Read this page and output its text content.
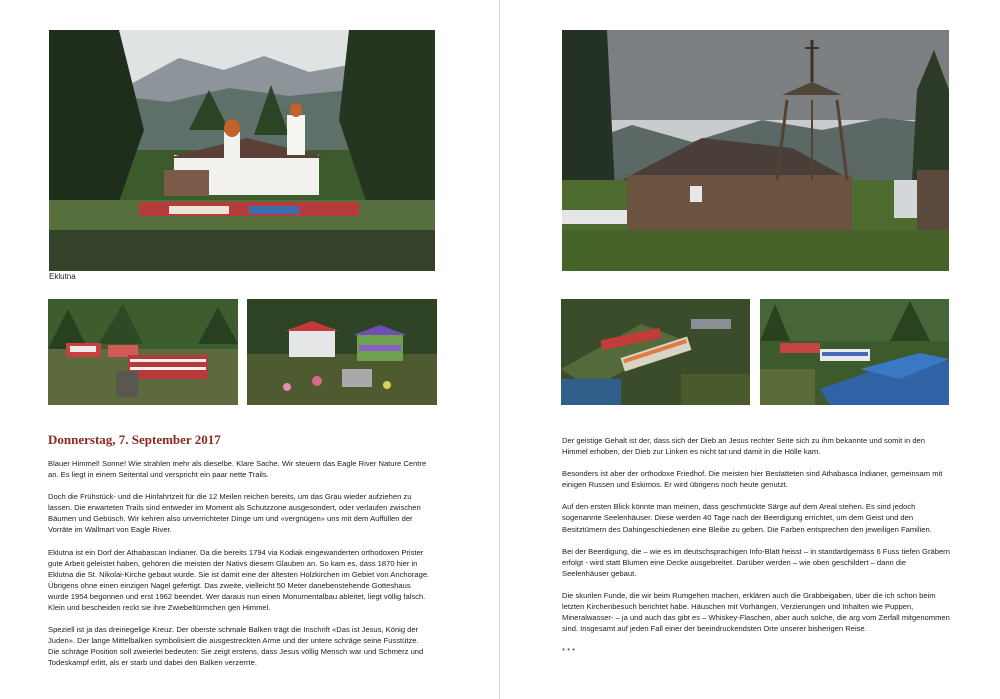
Eklutna
Donnerstag, 7. September 2017

Blauer Himmel! Sonne! Wie strahlen mehr als dieselbe. Klare Sache. Wir steuern das Eagle River Nature Centre an. Es liegt in einem Seitental und verspricht ein paar nette Trails.

Doch die Frühstück- und die Hinfahrtzeit für die 12 Meilen reichen bereits, um das Grau wieder aufziehen zu lassen. Die erwarteten Trails sind entweder im Moment als Schutzzone ausgesondert, oder verlaufen zwischen Bäumen und Gebüsch. Wir kehren also unverrichteter Dinge um und «vergnügen» uns mit dem Auffüllen der Vorräte im Wallmart von Eagle River.

Eklutna ist ein Dorf der Athabascan Indianer. Da die bereits 1794 via Kodiak eingewanderten orthodoxen Prister gute Arbeit geleistet haben, gehören die meisten der Nativs diesem Glauben an. So kam es, dass 1870 hier in Eklutna die St. Nikolai-Kirche gebaut wurde. Sie ist damit eine der ältesten Holzkirchen im Gebiet von Anchorage. Übrigens ohne einen einzigen Nagel gefertigt. Das zweite, vielleicht 50 Meter danebenstehende Gotteshaus wurde 1954 begonnen und erst 1962 beendet. Wer daraus nun einen Monumentalbau ableitet, liegt völlig falsch. Klein und bescheiden reckt sie ihre Zwiebeltürmchen gen Himmel.

Speziell ist ja das dreiriegelige Kreuz. Der oberste schmale Balken trägt die Inschrift «Das ist Jesus, König der Juden». Der lange Mittelbalken symbolisiert die ausgestreckten Arme und der untere schräge seine Fusstütze. Die schräge Position soll zweierlei bedeuten: Sie zeigt erstens, dass Jesus völlig Mensch war und Schmerz und Todeskampf erlitt, als er starb und dabei den Balken verzerrte.

Der geistige Gehalt ist der, dass sich der Dieb an Jesus rechter Seite sich zu ihm bekannte und somit in den Himmel erhoben, der Dieb zur Linken es nicht tat und damit in die Hölle kam.

Besonders ist aber der orthodoxe Friedhof. Die meisten hier Bestatteten sind Athabasca Indianer, gemeinsam mit einigen Russen und Eskimos. Er wird übrigens noch heute genutzt.

Auf den ersten Blick könnte man meinen, dass geschmückte Särge auf dem Areal stehen. Es sind jedoch sogenannte Seelenhäuser. Diese werden 40 Tage nach der Beerdigung errichtet, um dem Geist und den Besitztümern des Dahingeschiedenen eine Bleibe zu geben. Die Farben entsprechen den jeweiligen Familien.

Bei der Beerdigung, die – wie es im deutschsprachigen Info-Blatt heisst – in standardgemäss 6 Fuss tiefen Gräbern erfolgt - wird statt Blumen eine Decke ausgebreitet. Darüber werden – wie oben geschildert – dann die Seelenhäuser gebaut.

Die skurilen Funde, die wir beim Rumgehen machen, erklären auch die Grabbeigaben, über die ich schon beim letzten Kirchenbesuch berichtet habe. Häuschen mit Vorhängen, Verzierungen und Inhalten wie Puppen, Mineralwasser- – ja und auch das gibt es – Whiskey-Flaschen, aber auch solche, die arg vom Zerfall mitgenommen sind. Insgesamt auf jeden Fall einer der beeindruckendsten Orte unserer bisherigen Reise.

* * *
